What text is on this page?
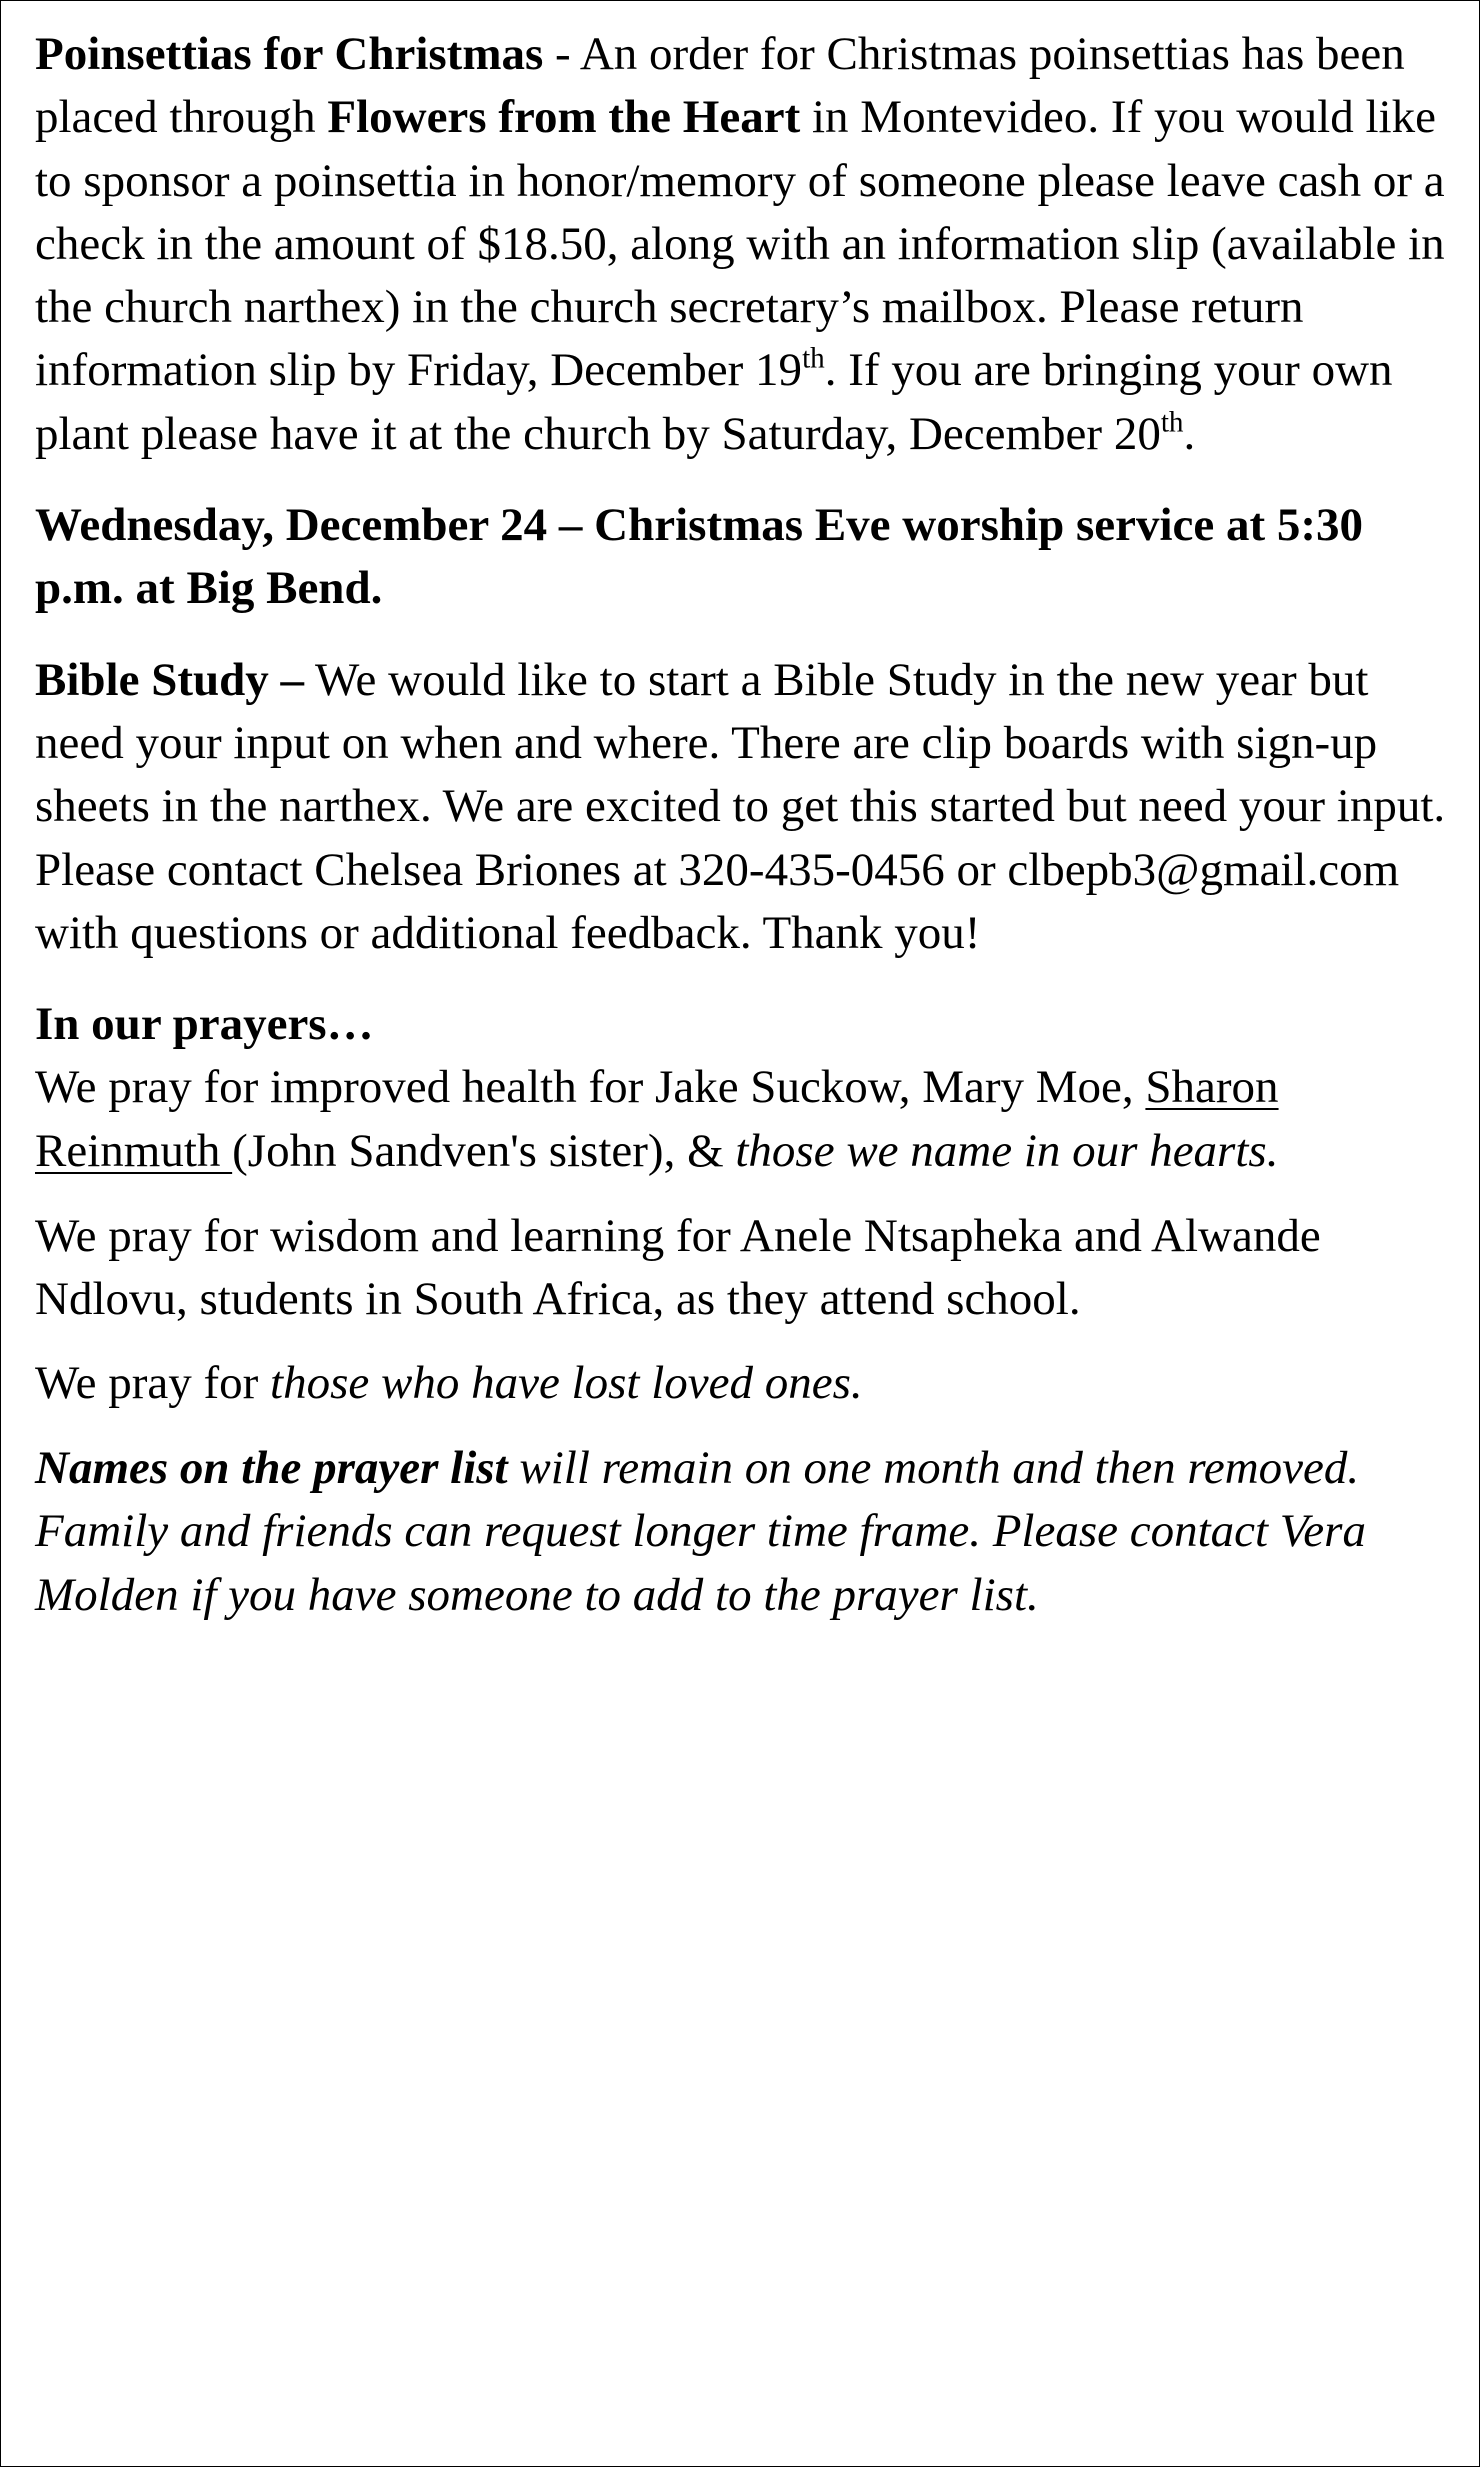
Poinsettias for Christmas - An order for Christmas poinsettias has been placed through Flowers from the Heart in Montevideo. If you would like to sponsor a poinsettia in honor/memory of someone please leave cash or a check in the amount of $18.50, along with an information slip (available in the church narthex) in the church secretary’s mailbox. Please return information slip by Friday, December 19th. If you are bringing your own plant please have it at the church by Saturday, December 20th.

Wednesday, December 24 – Christmas Eve worship service at 5:30 p.m. at Big Bend.

Bible Study – We would like to start a Bible Study in the new year but need your input on when and where. There are clip boards with sign-up sheets in the narthex. We are excited to get this started but need your input. Please contact Chelsea Briones at 320-435-0456 or clbepb3@gmail.com with questions or additional feedback. Thank you!

In our prayers…

We pray for improved health for Jake Suckow, Mary Moe, Sharon Reinmuth (John Sandven's sister), & those we name in our hearts.

We pray for wisdom and learning for Anele Ntsapheka and Alwande Ndlovu, students in South Africa, as they attend school.

We pray for those who have lost loved ones.

Names on the prayer list will remain on one month and then removed. Family and friends can request longer time frame. Please contact Vera Molden if you have someone to add to the prayer list.
